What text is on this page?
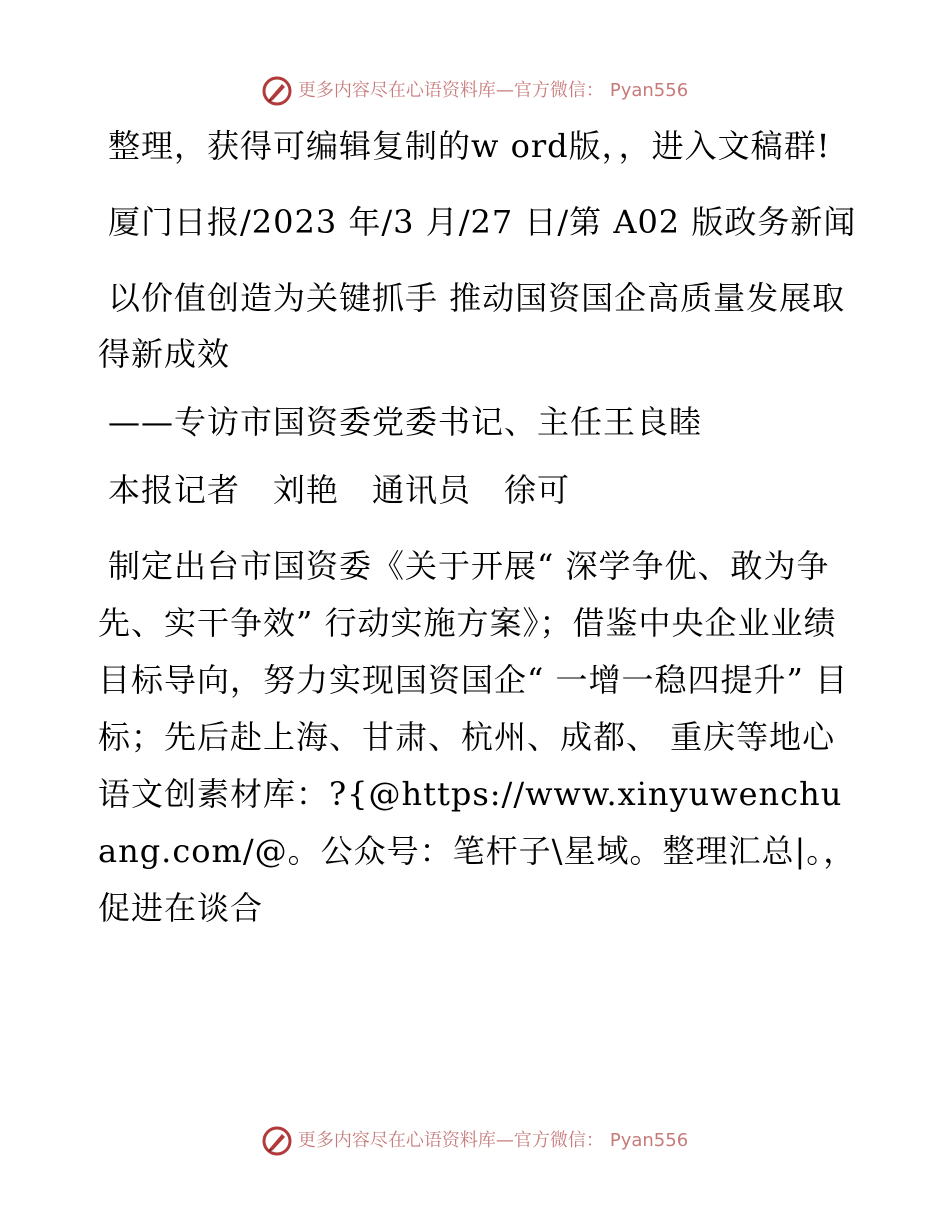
更多内容尽在心语资料库—官方微信： Pyan556

整理，获得可编辑复制的w ord版，，进入文稿群!

厦门日报/2023 年/3 月/27 日/第 A02 版政务新闻

以价值创造为关键抓手 推动国资国企高质量发展取得新成效

——专访市国资委党委书记、主任王良睦

本报记者　刘艳　通讯员　徐可

制定出台市国资委《关于开展“ 深学争优、敢为争先、实干争效” 行动实施方案》；借鉴中央企业业绩目标导向，努力实现国资国企“ 一增一稳四提升” 目标；先后赴上海、甘肃、杭州、成都、 重庆等地心语文创素材库：?{@https://www.xinyuwenchuang.com/@。公众号：笔杆子\星域。整理汇总|。， 促进在谈合

更多内容尽在心语资料库—官方微信： Pyan556
